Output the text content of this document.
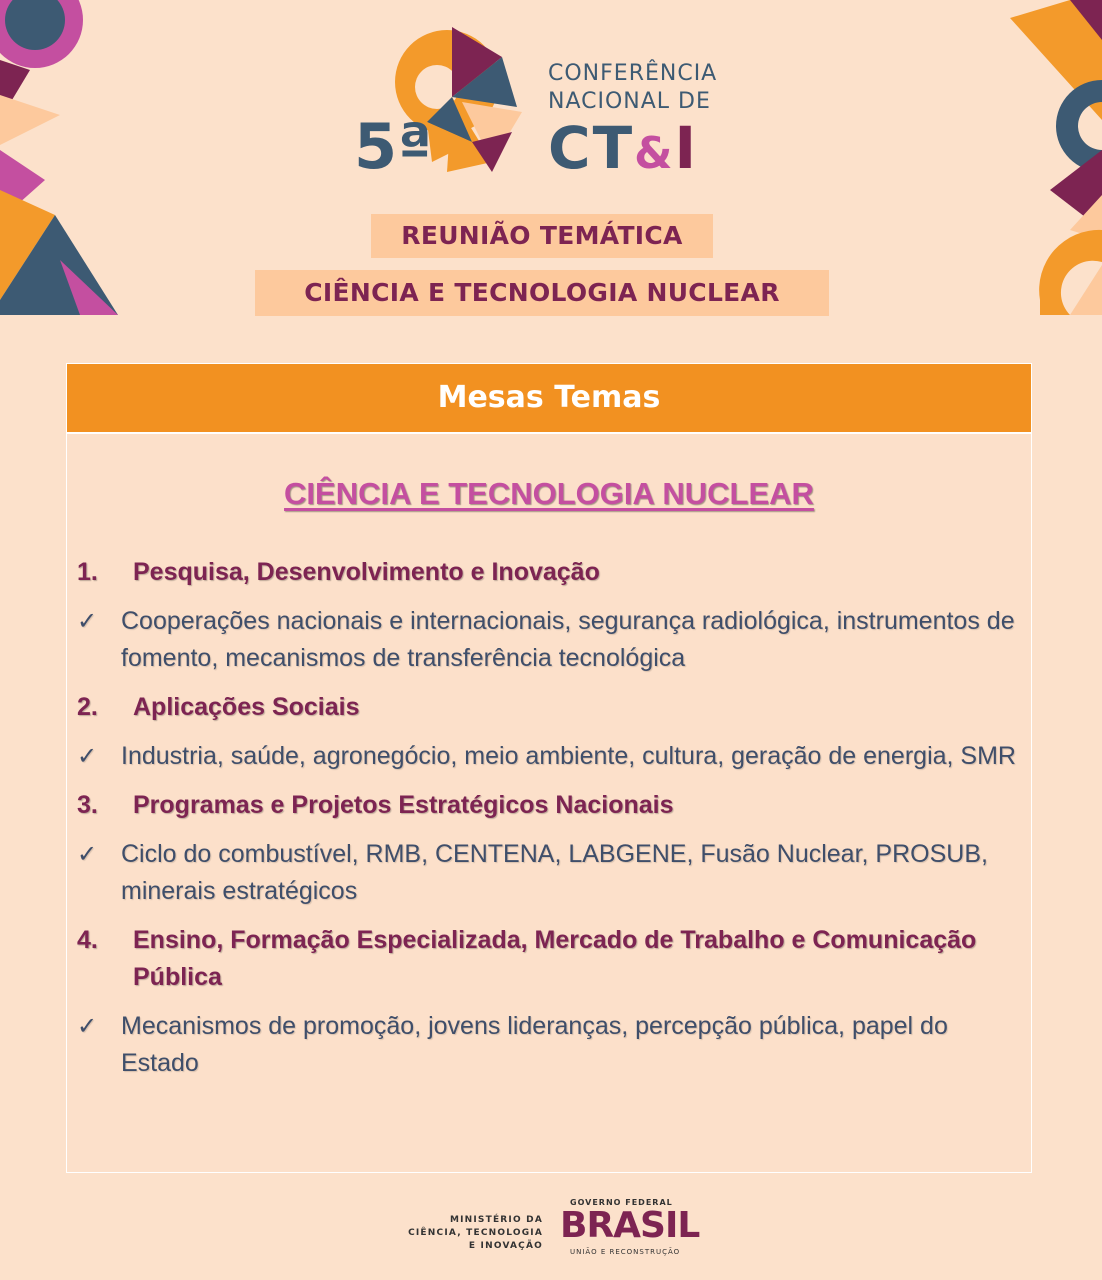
5ª
CONFERÊNCIA
NACIONAL DE
CT&I
REUNIÃO TEMÁTICA
CIÊNCIA E TECNOLOGIA NUCLEAR
Mesas Temas
CIÊNCIA E TECNOLOGIA NUCLEAR
1.	Pesquisa, Desenvolvimento e Inovação
✓ Cooperações nacionais e internacionais, segurança radiológica, instrumentos de fomento, mecanismos de transferência tecnológica
2.	Aplicações Sociais
✓ Industria, saúde, agronegócio, meio ambiente, cultura, geração de energia, SMR
3.	Programas e Projetos Estratégicos Nacionais
✓ Ciclo do combustível, RMB, CENTENA, LABGENE, Fusão Nuclear, PROSUB, minerais estratégicos
4.	Ensino, Formação Especializada, Mercado de Trabalho e Comunicação Pública
✓ Mecanismos de promoção, jovens lideranças, percepção pública, papel do Estado
MINISTÉRIO DA
CIÊNCIA, TECNOLOGIA
E INOVAÇÃO
GOVERNO FEDERAL
BRASIL
UNIÃO E RECONSTRUÇÃO
